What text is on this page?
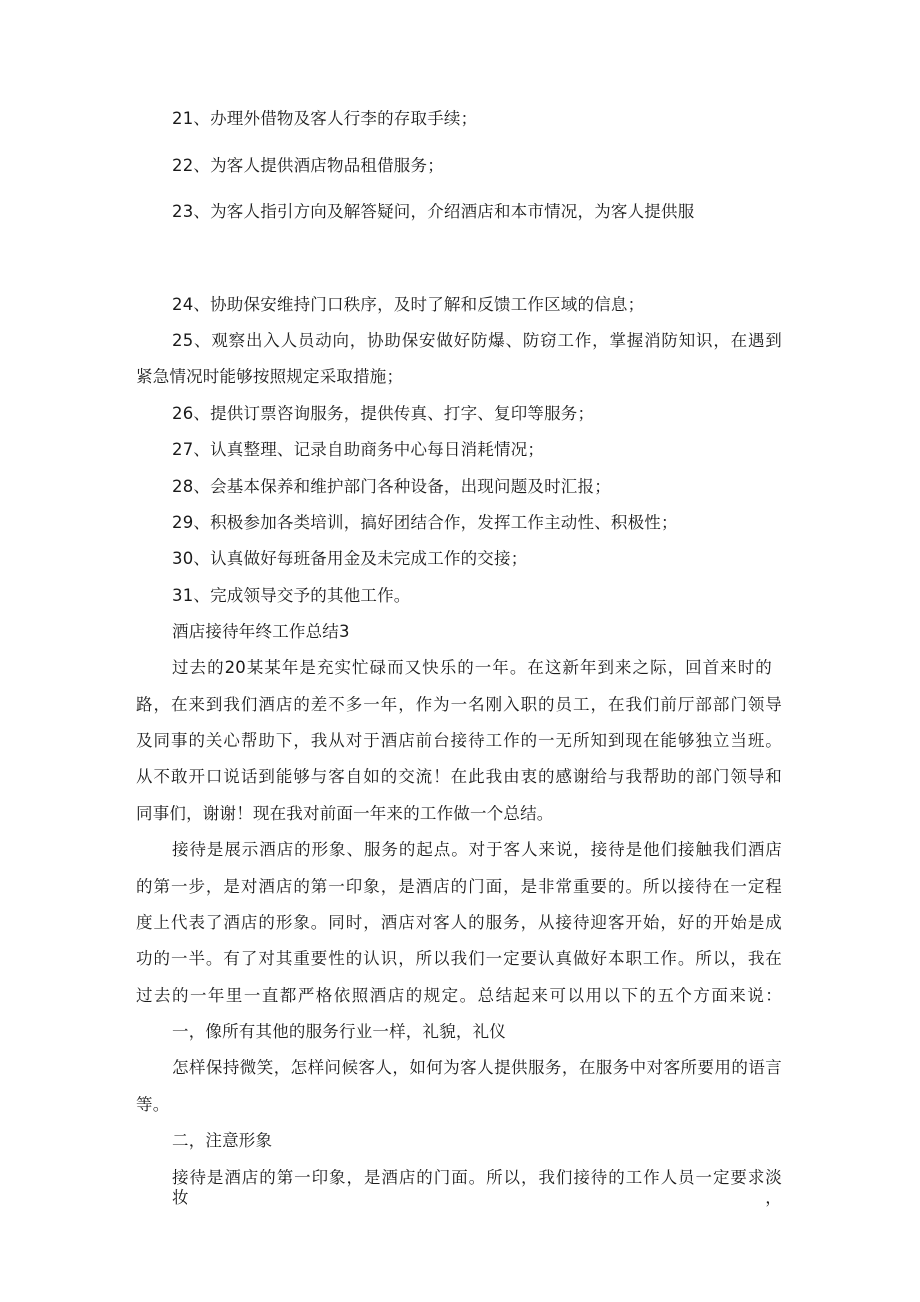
21、办理外借物及客人行李的存取手续；
22、为客人提供酒店物品租借服务；
23、为客人指引方向及解答疑问，介绍酒店和本市情况，为客人提供服
24、协助保安维持门口秩序，及时了解和反馈工作区域的信息；
25、观察出入人员动向，协助保安做好防爆、防窃工作，掌握消防知识，在遇到
紧急情况时能够按照规定采取措施；
26、提供订票咨询服务，提供传真、打字、复印等服务；
27、认真整理、记录自助商务中心每日消耗情况；
28、会基本保养和维护部门各种设备，出现问题及时汇报；
29、积极参加各类培训，搞好团结合作，发挥工作主动性、积极性；
30、认真做好每班备用金及未完成工作的交接；
31、完成领导交予的其他工作。
酒店接待年终工作总结3
过去的20某某年是充实忙碌而又快乐的一年。在这新年到来之际，回首来时的
路，在来到我们酒店的差不多一年，作为一名刚入职的员工，在我们前厅部部门领导
及同事的关心帮助下，我从对于酒店前台接待工作的一无所知到现在能够独立当班。
从不敢开口说话到能够与客自如的交流！在此我由衷的感谢给与我帮助的部门领导和
同事们，谢谢！现在我对前面一年来的工作做一个总结。
接待是展示酒店的形象、服务的起点。对于客人来说，接待是他们接触我们酒店
的第一步，是对酒店的第一印象，是酒店的门面，是非常重要的。所以接待在一定程
度上代表了酒店的形象。同时，酒店对客人的服务，从接待迎客开始，好的开始是成
功的一半。有了对其重要性的认识，所以我们一定要认真做好本职工作。所以，我在
过去的一年里一直都严格依照酒店的规定。总结起来可以用以下的五个方面来说：
一，像所有其他的服务行业一样，礼貌，礼仪
怎样保持微笑，怎样问候客人，如何为客人提供服务，在服务中对客所要用的语言
等。
二，注意形象
接待是酒店的第一印象，是酒店的门面。所以，我们接待的工作人员一定要求淡妆，
